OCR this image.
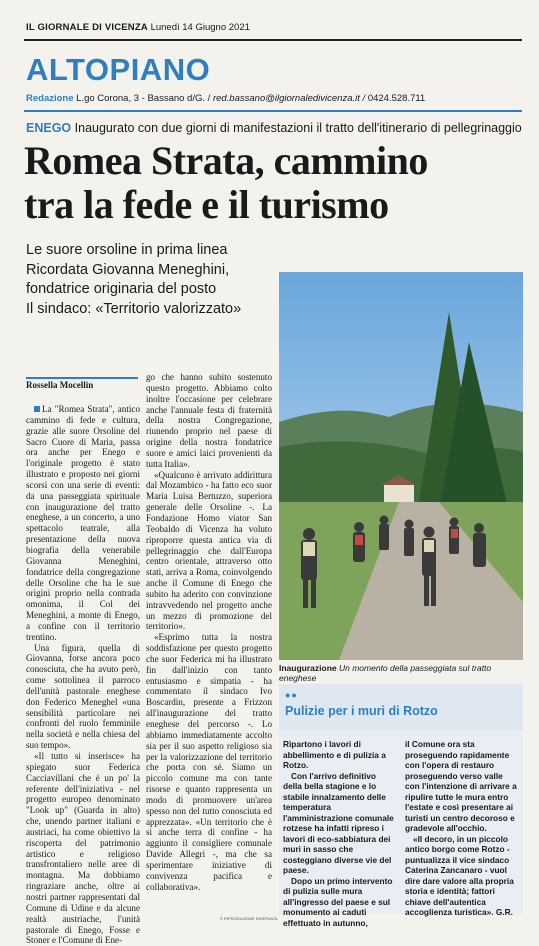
IL GIORNALE DI VICENZA Lunedì 14 Giugno 2021
ALTOPIANO
Redazione L.go Corona, 3 - Bassano d/G. / red.bassano@ilgiornaledivicenza.it / 0424.528.711
ENEGO Inaugurato con due giorni di manifestazioni il tratto dell'itinerario di pellegrinaggio
Romea Strata, cammino
tra la fede e il turismo
Le suore orsoline in prima linea
Ricordata Giovanna Meneghini,
fondatrice originaria del posto
Il sindaco: «Territorio valorizzato»
Inaugurazione Un momento della passeggiata sul tratto eneghese
Rossella Mocellin

La "Romea Strata", antico cammino di fede e cultura, grazie alle suore Orsoline del Sacro Cuore di Maria, passa ora anche per Enego e l'originale progetto è stato illustrato e proposto nei giorni scorsi con una serie di eventi: da una passeggiata spirituale con inaugurazione del tratto eneghese, a un concerto, a uno spettacolo teatrale, alla presentazione della nuova biografia della venerabile Giovanna Meneghini, fondatrice della congregazione delle Orsoline che ha le sue origini proprio nella contrada omonima, il Col dei Meneghini, a monte di Enego, a confine con il territorio trentino.

Una figura, quella di Giovanna, forse ancora poco conosciuta, che ha avuto però, come sottolinea il parroco dell'unità pastorale eneghese don Federico Meneghel «una sensibilità particolare nei confronti del ruolo femminile nella società e nella chiesa del suo tempo».

«Il tutto si inserisce» ha spiegato suor Federica Cacciavillani che è un po' la referente dell'iniziativa - nel progetto europeo denominato "Look up" (Guarda in alto) che, unendo partner italiani e austriaci, ha come obiettivo la riscoperta del patrimonio artistico e religioso transfrontaliero nelle aree di montagna. Ma dobbiamo ringraziare anche, oltre ai nostri partner rappresentati dal Comune di Udine e da alcune realtà austriache, l'unità pastorale di Enego, Fosse e Stoner e l'Comune di Ene-

go che hanno subito sostenuto questo progetto. Abbiamo colto inoltre l'occasione per celebrare anche l'annuale festa di fraternità della nostra Congregazione, riunendo proprio nel paese di origine della nostra fondatrice suore e amici laici provenienti da tutta Italia».

«Qualcuno è arrivato addirittura dal Mozambico - ha fatto eco suor Maria Luisa Bertuzzo, superiora generale delle Orsoline -. La Fondazione Homo viator San Teobaldo di Vicenza ha voluto riproporre questa antica via di pellegrinaggio che dall'Europa centro orientale, attraverso otto stati, arriva a Roma, coinvolgendo anche il Comune di Enego che subito ha aderito con convinzione intravvedendo nel progetto anche un mezzo di promozione del territorio».

«Esprimo tutta la nostra soddisfazione per questo progetto che suor Federica mi ha illustrato fin dall'inizio con tanto entusiasmo e simpatia - ha commentato il sindaco Ivo Boscardin, presente a Frizzon all'inaugurazione del tratto eneghese del percorso -. Lo abbiamo immediatamente accolto sia per il suo aspetto religioso sia per la valorizzazione del territorio che porta con sé. Siamo un piccolo comune ma con tante risorse e quanto rappresenta un modo di promuovere un'area spesso non del tutto conosciuta ed apprezzata». «Un territorio che è sì anche terra di confine - ha aggiunto il consigliere comunale Davide Allegri -, ma che sa sperimentare iniziative di convivenza pacifica e collaborativa».

●●
Pulizie per i muri di Rotzo

Ripartono i lavori di abbellimento e di pulizia a Rotzo.

Con l'arrivo definitivo della bella stagione e lo stabile innalzamento delle temperatura l'amministrazione comunale rotzese ha infatti ripreso i lavori di eco-sabbiatura dei muri in sasso che costeggiano diverse vie del paese.

Dopo un primo intervento di pulizia sulle mura all'ingresso del paese e sul monumento ai caduti effettuato in autunno,

il Comune ora sta proseguendo rapidamente con l'opera di restauro proseguendo verso valle con l'intenzione di arrivare a ripulire tutte le mura entro l'estate e così presentare ai turisti un centro decoroso e gradevole all'occhio.

«Il decoro, in un piccolo antico borgo come Rotzo - puntualizza il vice sindaco Caterina Zancanaro - vuol dire dare valore alla propria storia e identità; fattori chiave dell'autentica accoglienza turistica». G.R.

© RIPRODUZIONE RISERVATA
